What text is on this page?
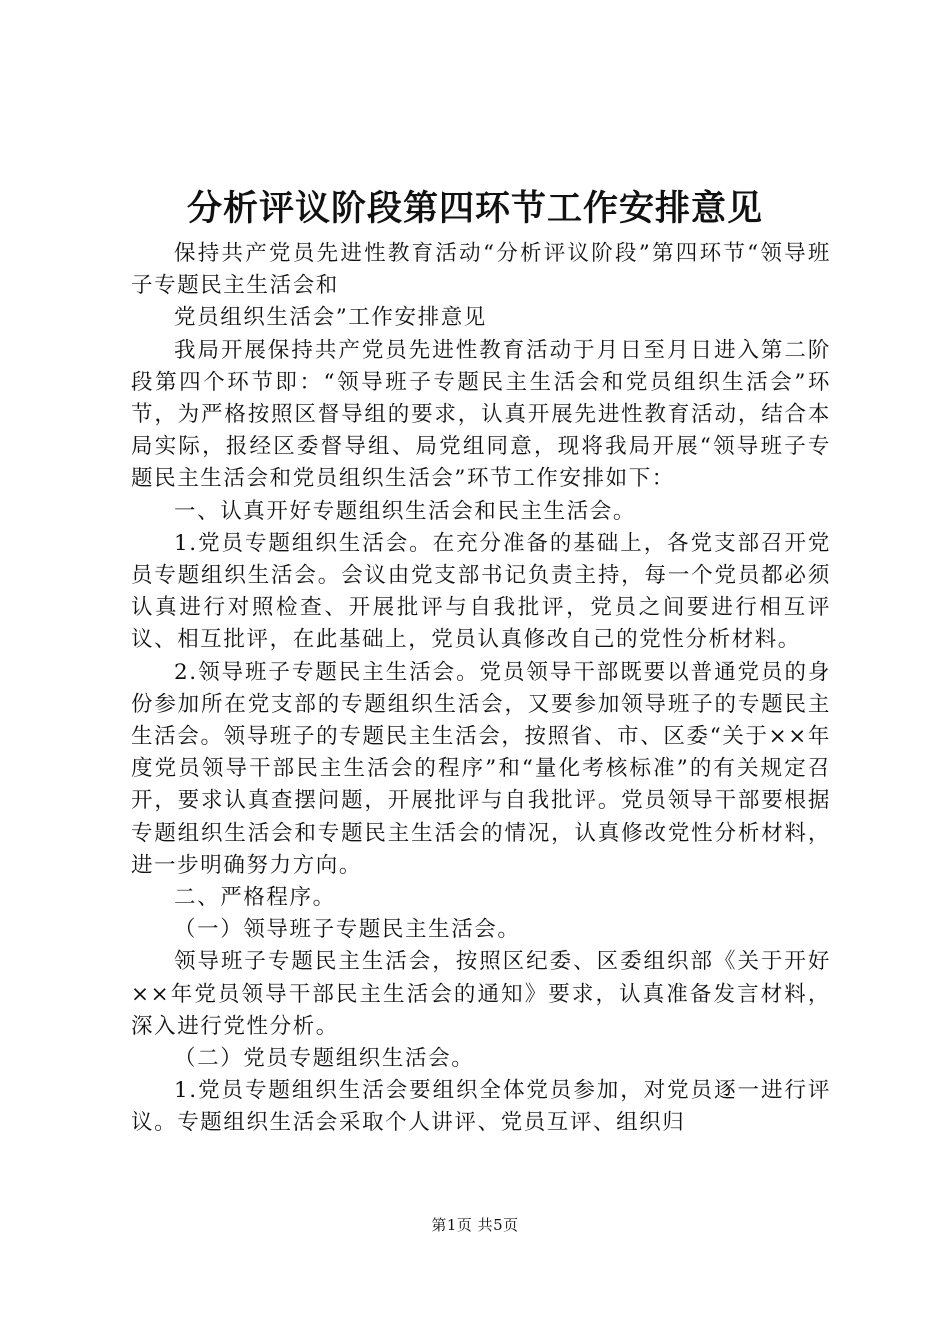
分析评议阶段第四环节工作安排意见

保持共产党员先进性教育活动“分析评议阶段”第四环节“领导班子专题民主生活会和

党员组织生活会”工作安排意见

我局开展保持共产党员先进性教育活动于月日至月日进入第二阶段第四个环节即：“领导班子专题民主生活会和党员组织生活会”环节，为严格按照区督导组的要求，认真开展先进性教育活动，结合本局实际，报经区委督导组、局党组同意，现将我局开展“领导班子专题民主生活会和党员组织生活会”环节工作安排如下：

一、认真开好专题组织生活会和民主生活会。

1.党员专题组织生活会。在充分准备的基础上，各党支部召开党员专题组织生活会。会议由党支部书记负责主持，每一个党员都必须认真进行对照检查、开展批评与自我批评，党员之间要进行相互评议、相互批评，在此基础上，党员认真修改自己的党性分析材料。

2.领导班子专题民主生活会。党员领导干部既要以普通党员的身份参加所在党支部的专题组织生活会，又要参加领导班子的专题民主生活会。领导班子的专题民主生活会，按照省、市、区委“关于××年度党员领导干部民主生活会的程序”和“量化考核标准”的有关规定召开，要求认真查摆问题，开展批评与自我批评。党员领导干部要根据专题组织生活会和专题民主生活会的情况，认真修改党性分析材料，进一步明确努力方向。

二、严格程序。

（一）领导班子专题民主生活会。

领导班子专题民主生活会，按照区纪委、区委组织部《关于开好××年党员领导干部民主生活会的通知》要求，认真准备发言材料，深入进行党性分析。

（二）党员专题组织生活会。

1.党员专题组织生活会要组织全体党员参加，对党员逐一进行评议。专题组织生活会采取个人讲评、党员互评、组织归

第1页 共5页
